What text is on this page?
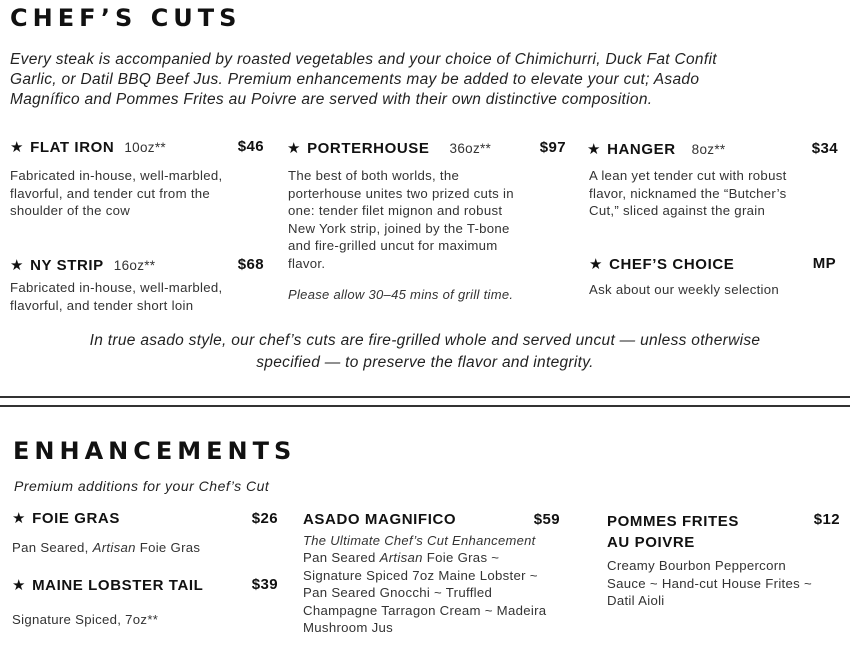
CHEF’S CUTS
Every steak is accompanied by roasted vegetables and your choice of Chimichurri, Duck Fat Confit
Garlic, or Datil BBQ Beef Jus. Premium enhancements may be added to elevate your cut; Asado
Magnífico and Pommes Frites au Poivre are served with their own distinctive composition.
★ FLAT IRON 10oz**	$46
Fabricated in-house, well-marbled,
flavorful, and tender cut from the
shoulder of the cow
★ PORTERHOUSE 36oz**	$97
The best of both worlds, the
porterhouse unites two prized cuts in
one: tender filet mignon and robust
New York strip, joined by the T-bone
and fire-grilled uncut for maximum
flavor.
Please allow 30–45 mins of grill time.
★ HANGER 8oz**	$34
A lean yet tender cut with robust
flavor, nicknamed the “Butcher’s
Cut,” sliced against the grain
★ NY STRIP 16oz**	$68
Fabricated in-house, well-marbled,
flavorful, and tender short loin
★ CHEF’S CHOICE	MP
Ask about our weekly selection
In true asado style, our chef’s cuts are fire-grilled whole and served uncut — unless otherwise
specified — to preserve the flavor and integrity.
ENHANCEMENTS
Premium additions for your Chef’s Cut
★ FOIE GRAS	$26
Pan Seared, Artisan Foie Gras
★ MAINE LOBSTER TAIL	$39
Signature Spiced, 7oz**
ASADO MAGNIFICO	$59
The Ultimate Chef’s Cut Enhancement
Pan Seared Artisan Foie Gras ~
Signature Spiced 7oz Maine Lobster ~
Pan Seared Gnocchi ~ Truffled
Champagne Tarragon Cream ~ Madeira
Mushroom Jus
POMMES FRITES
AU POIVRE
$12
Creamy Bourbon Peppercorn
Sauce ~ Hand-cut House Frites ~
Datil Aioli
